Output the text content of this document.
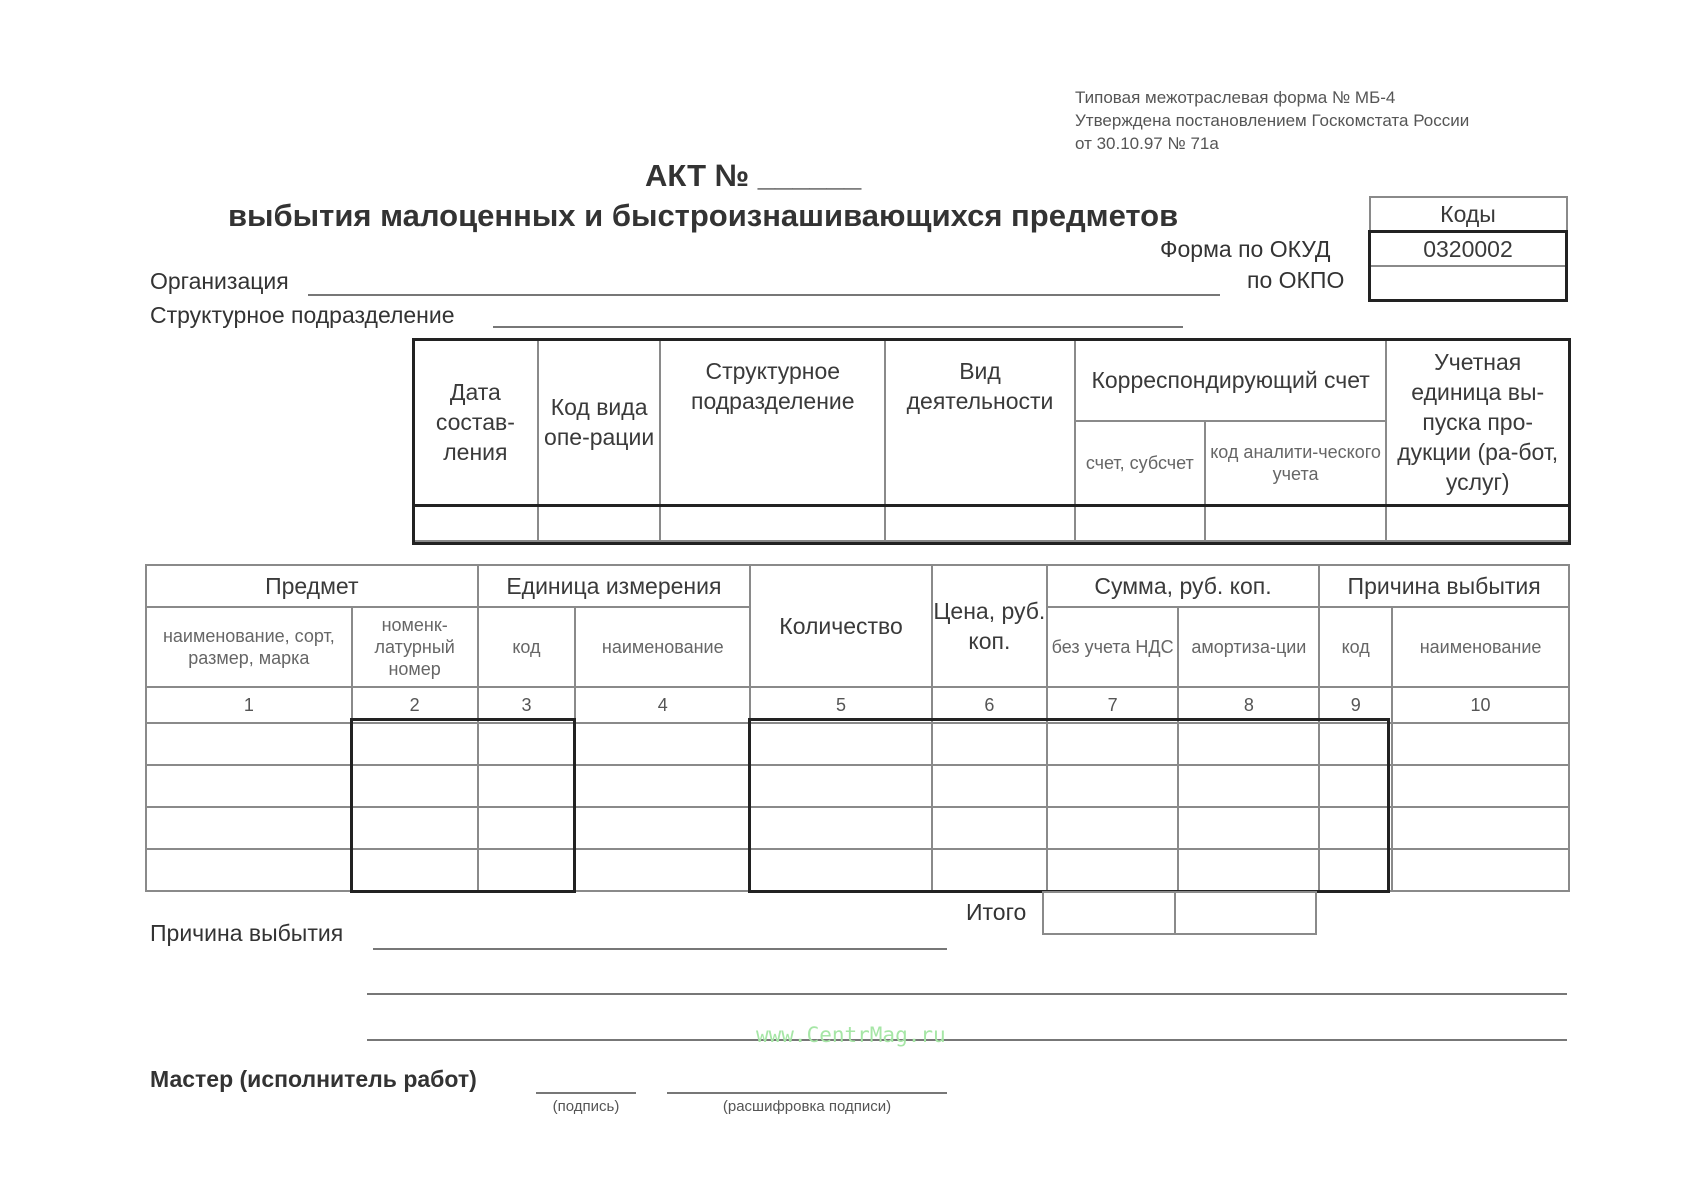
Типовая межотраслевая форма № МБ-4
Утверждена постановлением Госкомстата России
от 30.10.97 № 71а
АКТ № ______
выбытия малоценных и быстроизнашивающихся предметов	Коды
0320002

Форма по ОКУД
по ОКПО
Организация
Структурное подразделение
Дата состав-ления	Код вида опе-рации	Структурное подразделение	Вид деятельности	Корреспондирующий счет		Учетная единица вы-пуска про-дукции (ра-бот, услуг)
				счет, субсчет	код аналити-ческого учета	

Предмет		Единица измерения		Количество	Цена, руб. коп.	Сумма, руб. коп.		Причина выбытия	
наименование, сорт, размер, марка	номенк-латурный номер	код	наименование			без учета НДС	амортиза-ции	код	наименование
1	2	3	4	5	6	7	8	9	10

Итого

Причина выбытия
www.CentrMag.ru
Мастер (исполнитель работ)
(подпись)	(расшифровка подписи)
